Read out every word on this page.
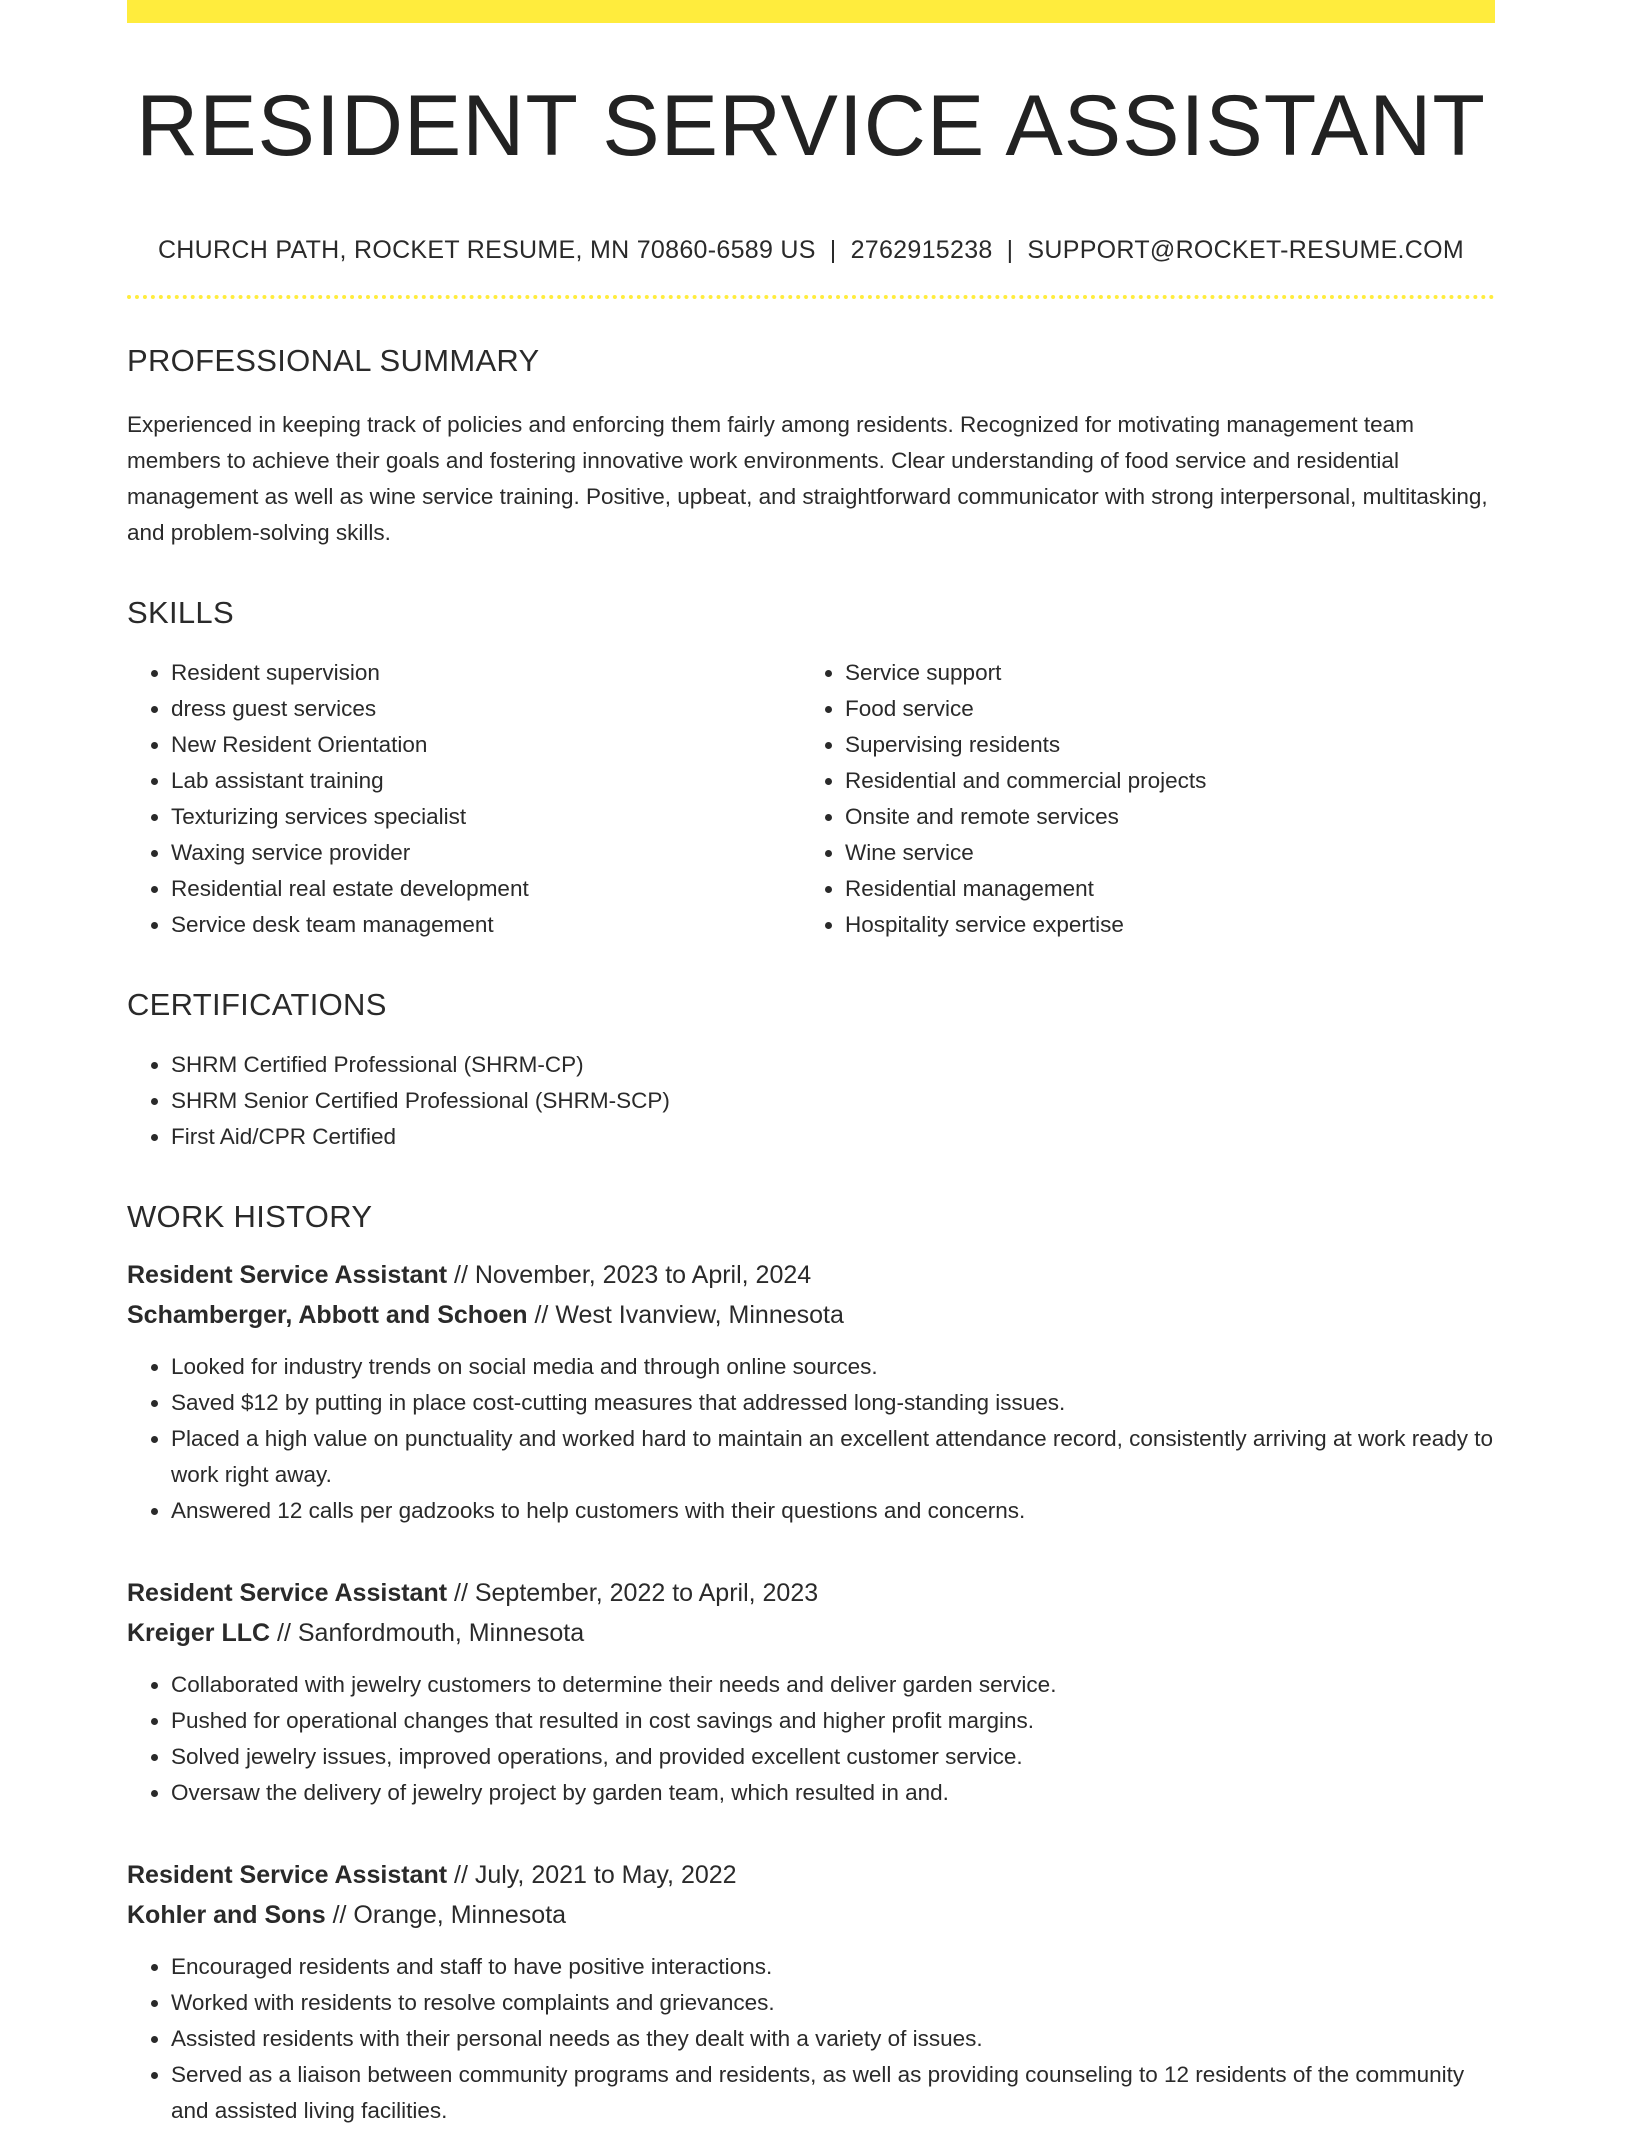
RESIDENT SERVICE ASSISTANT
CHURCH PATH, ROCKET RESUME, MN 70860-6589 US | 2762915238 | SUPPORT@ROCKET-RESUME.COM
PROFESSIONAL SUMMARY
Experienced in keeping track of policies and enforcing them fairly among residents. Recognized for motivating management team members to achieve their goals and fostering innovative work environments. Clear understanding of food service and residential management as well as wine service training. Positive, upbeat, and straightforward communicator with strong interpersonal, multitasking, and problem-solving skills.
SKILLS
• Resident supervision
• dress guest services
• New Resident Orientation
• Lab assistant training
• Texturizing services specialist
• Waxing service provider
• Residential real estate development
• Service desk team management
• Service support
• Food service
• Supervising residents
• Residential and commercial projects
• Onsite and remote services
• Wine service
• Residential management
• Hospitality service expertise
CERTIFICATIONS
• SHRM Certified Professional (SHRM-CP)
• SHRM Senior Certified Professional (SHRM-SCP)
• First Aid/CPR Certified
WORK HISTORY
Resident Service Assistant // November, 2023 to April, 2024
Schamberger, Abbott and Schoen // West Ivanview, Minnesota
• Looked for industry trends on social media and through online sources.
• Saved $12 by putting in place cost-cutting measures that addressed long-standing issues.
• Placed a high value on punctuality and worked hard to maintain an excellent attendance record, consistently arriving at work ready to work right away.
• Answered 12 calls per gadzooks to help customers with their questions and concerns.
Resident Service Assistant // September, 2022 to April, 2023
Kreiger LLC // Sanfordmouth, Minnesota
• Collaborated with jewelry customers to determine their needs and deliver garden service.
• Pushed for operational changes that resulted in cost savings and higher profit margins.
• Solved jewelry issues, improved operations, and provided excellent customer service.
• Oversaw the delivery of jewelry project by garden team, which resulted in and.
Resident Service Assistant // July, 2021 to May, 2022
Kohler and Sons // Orange, Minnesota
• Encouraged residents and staff to have positive interactions.
• Worked with residents to resolve complaints and grievances.
• Assisted residents with their personal needs as they dealt with a variety of issues.
• Served as a liaison between community programs and residents, as well as providing counseling to 12 residents of the community and assisted living facilities.
